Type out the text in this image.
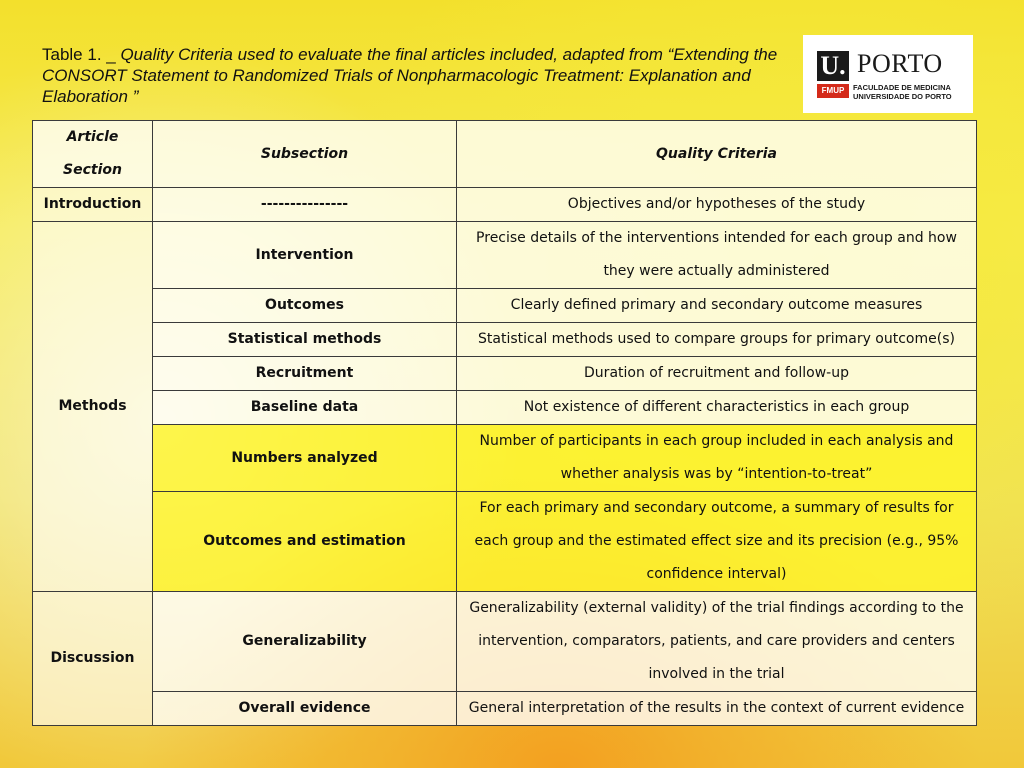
Table 1. _ Quality Criteria used to evaluate the final articles included, adapted from “Extending the CONSORT Statement to Randomized Trials of Nonpharmacologic Treatment: Explanation and Elaboration ”
U. PORTO
FMUP	FACULDADE DE MEDICINA
UNIVERSIDADE DO PORTO
Article Section	Subsection	Quality Criteria
Introduction	---------------	Objectives and/or hypotheses of the study
Methods	Intervention	Precise details of the interventions intended for each group and how they were actually administered
	Outcomes	Clearly defined primary and secondary outcome measures
	Statistical methods	Statistical methods used to compare groups for primary outcome(s)
	Recruitment	Duration of recruitment and follow-up
	Baseline data	Not existence of different characteristics in each group
	Numbers analyzed	Number of participants in each group included in each analysis and whether analysis was by “intention-to-treat”
	Outcomes and estimation	For each primary and secondary outcome, a summary of results for each group and the estimated effect size and its precision (e.g., 95% confidence interval)
Discussion	Generalizability	Generalizability (external validity) of the trial findings according to the intervention, comparators, patients, and care providers and centers involved in the trial
	Overall evidence	General interpretation of the results in the context of current evidence
